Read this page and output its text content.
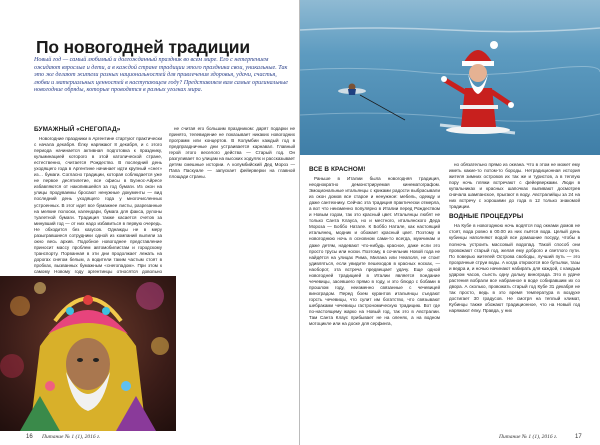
По новогодней традиции

Новый год — самый любимый и долгожданный праздник во всем мире. Его с нетерпением ожидают взрослые и дети, а в каждой стране традиции этого праздника свои, уникальные. Так это же делают жители разных национальностей для привлечения здоровья, удачи, счастья, любви и материальных ценностей в наступающем году? Представляем вам самые оригинальные новогодние обряды, которые проводятся в разных уголках мира.

БУМАЖНЫЙ «СНЕГОПАД»

Новогодние праздники в Аргентине стартуют практически с начала декабря. Ёлку наряжают 8 декабря, и с этого периода начинается активная подготовка к празднику, кульминацией которого в этой католической стране, естественно, считается Рождество. В последний день уходящего года в Аргентине начинает идти крупный «снег» из… бумаги. Согласно традиции, которая соблюдается уже не первое десятилетие, все офисы в Буэнос-Айресе избавляются от накопившейся за год бумаги. Из окон на улицы продуваемы бросают ненужные документы — вид последний день уходящего года у многочисленных устроенных. В этот идет все бумажнее листы, разрезанные на мелкие полоски, календари, бумага для факса, рулоны туалетной бумаги. Традиция также касается счетов за минувший год — от них надо избавиться в первую очередь. Не обходится без казусов. Однажды не в меру разыгравшиеся сотрудники одной из компаний вылили за окно весь архив. Подобное новогоднее представление приносит массу проблем автомобилистам и городскому транспорту. Порванная в эти дни продолжает лежать на дорогах снегом белым, а водители таким частым стоят в пробках, вызванных бумажным «снегопадом». При этом к самому Новому году аргентинцы относятся довольно

не считая его большим праздником: дарят подарки не принято, телевидение не показывает никаких новогодних программ или концертов. В Колумбии каждый год в предпраздничные дни устраивается карнавал. Главный герой этого веселого действа — Старый год. Он разгуливает по улицам на высоких ходулях и рассказывает детям смешные истории. А колумбийский Дед Мороз — Папа Паскуале — запускает фейерверки на главной площади страны.

16 Питание № 1 (1), 2016 г.
ВСЕ В КРАСНОМ!

Раньше в Италии была новогодняя традиция, неоднократно демонстрируемая кинематографом. Эмоциональные итальянцы с криками радости выбрасывали из окон домов все старое и ненужное: мебель, одежду и даже сантехнику. Сейчас эта традиция практически отмерла, а вот что неизменно популярно в Италии перед Рождеством и Новым годом, так это красный цвет. Итальянцы любят не только Санта Клауса, но и местного, итальянского Деда Мороза — Боббо Натале. К Боббо Натале, как настоящий итальянец, модник и обожает красный цвет. Поэтому в новогоднюю ночь в основном сами-то всегда, мужчинам и даже детям, надевают что-нибудь красное, даже если это просто трусы или носки. Поэтому, в сочельник Новой года не найдётся на улицах Рима, Милана или Неаполя, не стоит удивляться, если увидите пешеходов в красных носках, — наоборот, эта встреча предвещает удачу. Еще одной новогодней традицией в Италии является поедание чечевицы, засевшего прямо в году, и это блюдо с бобами в прошлом году, неизменно связанные с чечевицей виноградом. Перед боем курантов итальянцы съедают горсть чечевицы, что сулит им богатство, что связывают шебраками чечевицы гастрономическую традицию. Вот где по-настоящему жарко на Новый год, так это в Австралии. Там Санта Клаус прибывает не на оленях, а на водном мотоцикле или на доске для серфинга,

но обязательно прямо из океана. Что в этом не может ему иметь какие-то потом-то бороды. Нетрадиционная история жителя зимних островов их так же и туристов, а в теплую пору ночь пляжи встречают с фейерверками. Люди в купальниках и красных шапочках выпивают досмотрев сначала шампанское, прыгают в воду. Австралийцы за 24 на них встречу с хорошими до года в 12 только знакомой традиции.

ВОДНЫЕ ПРОЦЕДУРЫ

На Кубе в новогоднюю ночь водятся под окнами домов не стоят, вода ровно в 00.00 из них льётся вода. Целый день кубинцы наполняют водой все домашние посуду, чтобы в полночь устроить массовый водопад. Такой способ они провожают старый год, желая ему доброго и светлого пути. По поверью жителей Острова свободы, лучший путь — это прозрачные струи воды. А когда откроются все бутылки, тазы и ведра и, и ночью начинают набирать для каждой, с каждым ударом часов, съесть одну дольку винограда. Это в удаче растения вобрали все набранное в воде собиравшим их со двора. А сколько, провожать старый год Кубе 31 декабря не так просто, ведь в это время температура в воздухе достигает 30 градусов. Не смотря на теплый климат, Кубинцы также обожают традиционное, что на Новый год наряжают ёлку. Правда, у них

Питание № 1 (1), 2016 г.	17
